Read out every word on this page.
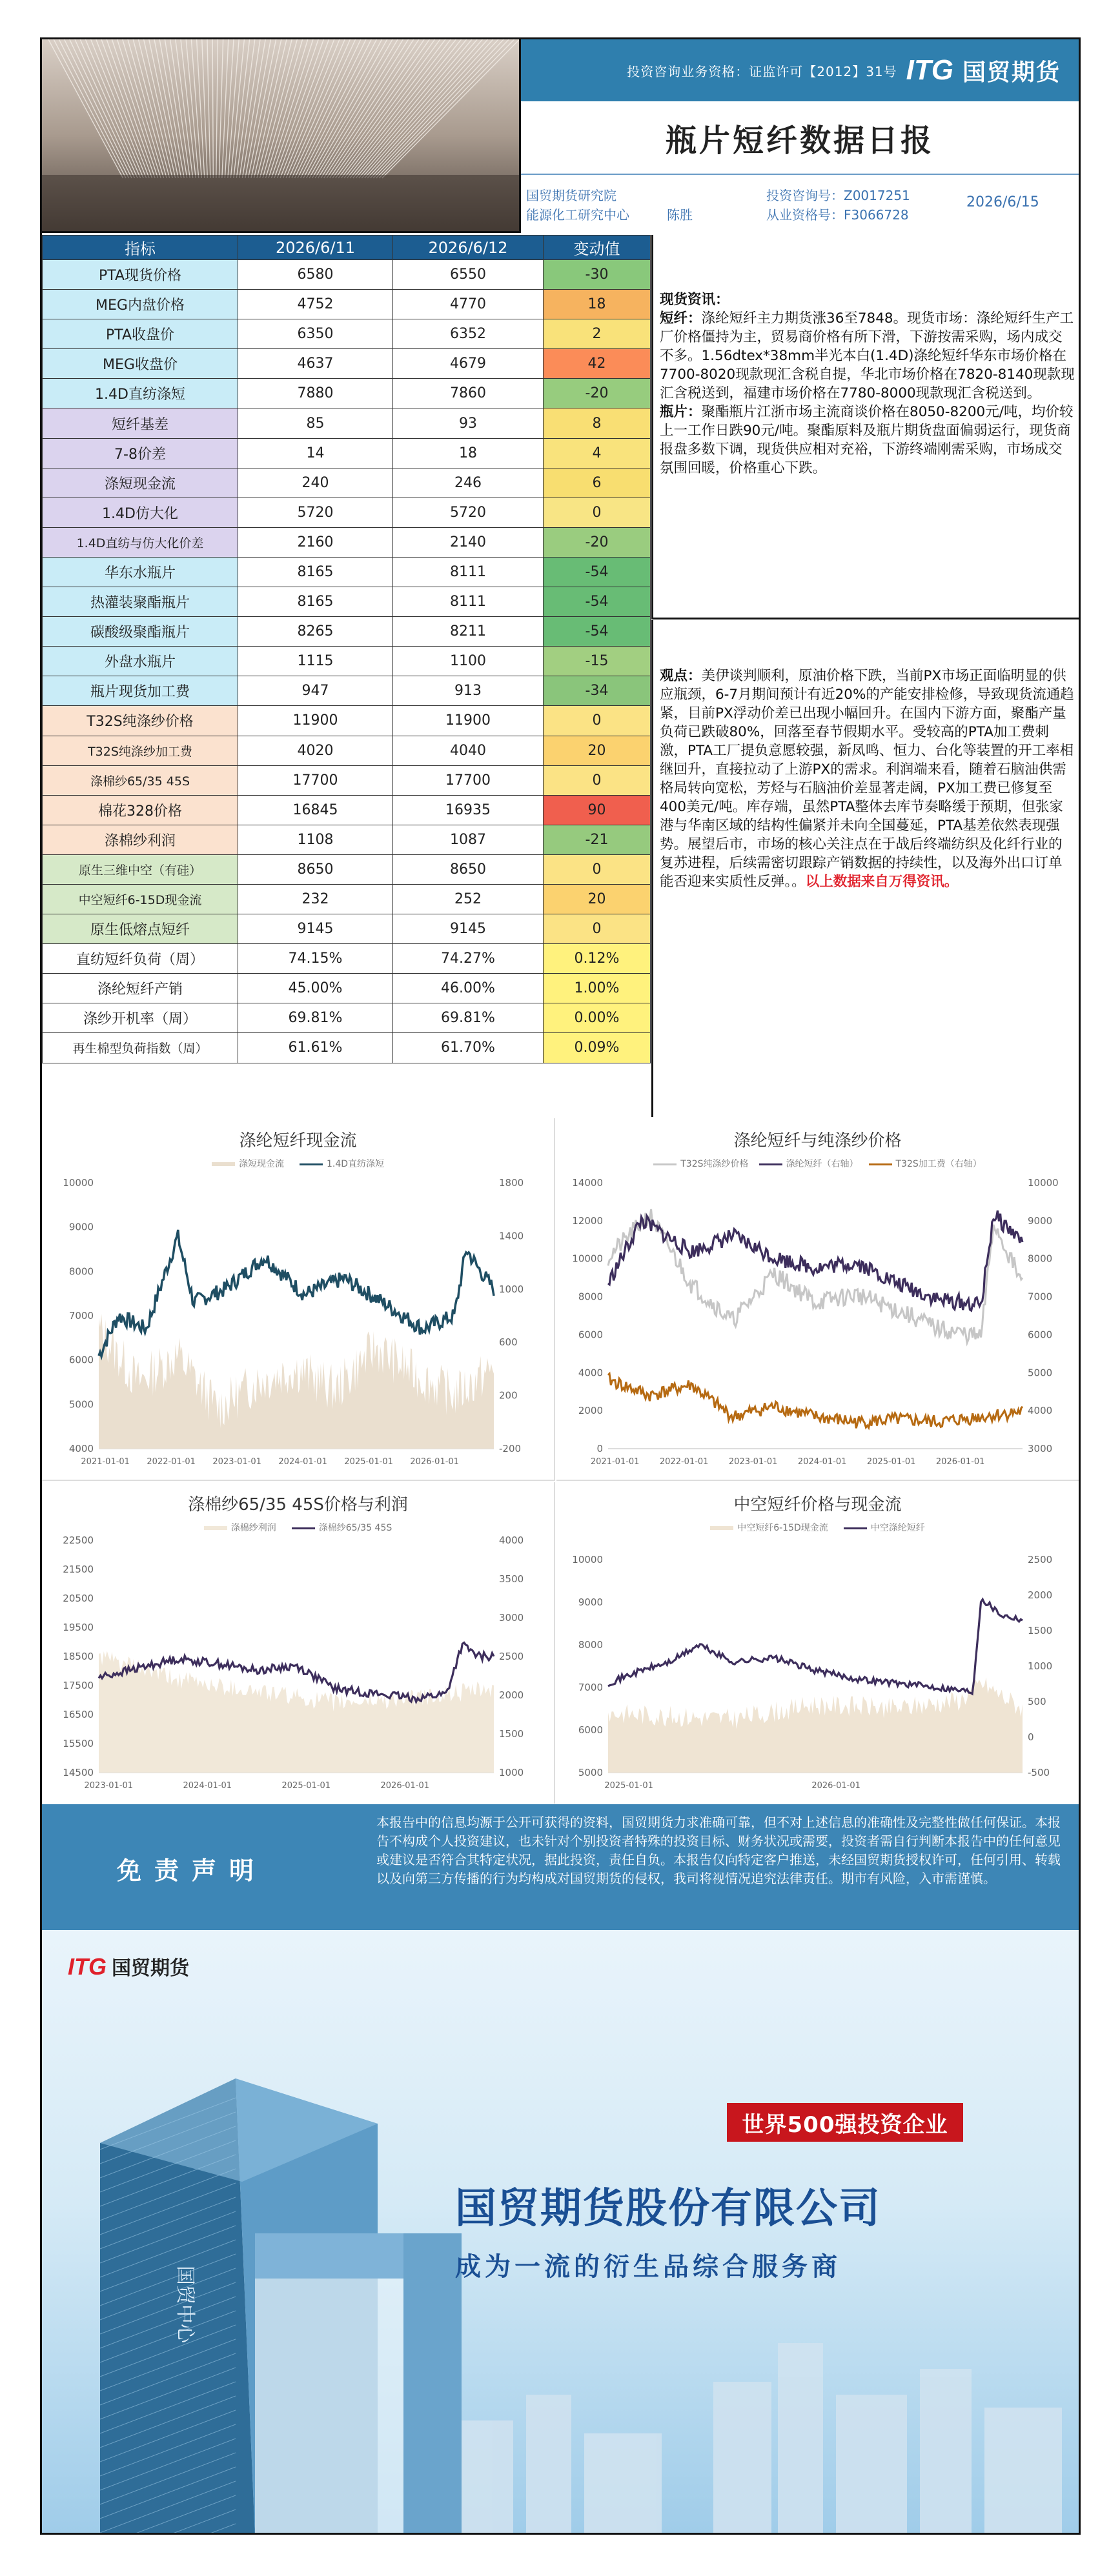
投资咨询业务资格：证监许可【2012】31号 ITG 国贸期货
瓶片短纤数据日报
国贸期货研究院
能源化工研究中心	陈胜
投资咨询号：Z0017251
从业资格号：F3066728
2026/6/15
指标	2026/6/11	2026/6/12	变动值
PTA现货价格	6580	6550	-30
MEG内盘价格	4752	4770	18
PTA收盘价	6350	6352	2
MEG收盘价	4637	4679	42
1.4D直纺涤短	7880	7860	-20
短纤基差	85	93	8
7-8价差	14	18	4
涤短现金流	240	246	6
1.4D仿大化	5720	5720	0
1.4D直纺与仿大化价差	2160	2140	-20
华东水瓶片	8165	8111	-54
热灌装聚酯瓶片	8165	8111	-54
碳酸级聚酯瓶片	8265	8211	-54
外盘水瓶片	1115	1100	-15
瓶片现货加工费	947	913	-34
T32S纯涤纱价格	11900	11900	0
T32S纯涤纱加工费	4020	4040	20
涤棉纱65/35 45S	17700	17700	0
棉花328价格	16845	16935	90
涤棉纱利润	1108	1087	-21
原生三维中空（有硅）	8650	8650	0
中空短纤6-15D现金流	232	252	20
原生低熔点短纤	9145	9145	0
直纺短纤负荷（周）	74.15%	74.27%	0.12%
涤纶短纤产销	45.00%	46.00%	1.00%
涤纱开机率（周）	69.81%	69.81%	0.00%
再生棉型负荷指数（周）	61.61%	61.70%	0.09%
现货资讯：
短纤：涤纶短纤主力期货涨36至7848。现货市场：涤纶短纤生产工厂价格僵持为主，贸易商价格有所下滑，下游按需采购，场内成交不多。1.56dtex*38mm半光本白(1.4D)涤纶短纤华东市场价格在7700-8020现款现汇含税自提，华北市场价格在7820-8140现款现汇含税送到，福建市场价格在7780-8000现款现汇含税送到。
瓶片：聚酯瓶片江浙市场主流商谈价格在8050-8200元/吨，均价较上一工作日跌90元/吨。聚酯原料及瓶片期货盘面偏弱运行，现货商报盘多数下调，现货供应相对充裕，下游终端刚需采购，市场成交氛围回暖，价格重心下跌。
观点：美伊谈判顺利，原油价格下跌，当前PX市场正面临明显的供应瓶颈，6-7月期间预计有近20%的产能安排检修，导致现货流通趋紧，目前PX浮动价差已出现小幅回升。在国内下游方面，聚酯产量负荷已跌破80%，回落至春节假期水平。受较高的PTA加工费刺激，PTA工厂提负意愿较强，新凤鸣、恒力、台化等装置的开工率相继回升，直接拉动了上游PX的需求。利润端来看，随着石脑油供需格局转向宽松，芳烃与石脑油价差显著走阔，PX加工费已修复至400美元/吨。库存端，虽然PTA整体去库节奏略缓于预期，但张家港与华南区域的结构性偏紧并未向全国蔓延，PTA基差依然表现强势。展望后市，市场的核心关注点在于战后终端纺织及化纤行业的复苏进程，后续需密切跟踪产销数据的持续性，以及海外出口订单能否迎来实质性反弹。。以上数据来自万得资讯。
涤纶短纤现金流
涤短现金流	1.4D直纺涤短
10000
9000
8000
7000
6000
5000
4000
1800
1400
1000
600
200
-200
2021-01-01 2022-01-01 2023-01-01 2024-01-01 2025-01-01 2026-01-01
涤纶短纤与纯涤纱价格
T32S纯涤纱价格	涤纶短纤（右轴）	T32S加工费（右轴）
14000
12000
10000
8000
6000
4000
2000
0
10000
9000
8000
7000
6000
5000
4000
3000
2021-01-01 2022-01-01 2023-01-01 2024-01-01 2025-01-01 2026-01-01
涤棉纱65/35 45S价格与利润
涤棉纱利润	涤棉纱65/35 45S
22500
21500
20500
19500
18500
17500
16500
15500
14500
4000
3500
3000
2500
2000
1500
1000
2023-01-01	2024-01-01	2025-01-01	2026-01-01
中空短纤价格与现金流
中空短纤6-15D现金流	中空涤纶短纤
10000
9000
8000
7000
6000
5000
2500
2000
1500
1000
500
0
-500
2025-01-01	2026-01-01
免责声明
本报告中的信息均源于公开可获得的资料，国贸期货力求准确可靠，但不对上述信息的准确性及完整性做任何保证。本报告不构成个人投资建议，也未针对个别投资者特殊的投资目标、财务状况或需要，投资者需自行判断本报告中的任何意见或建议是否符合其特定状况，据此投资，责任自负。本报告仅向特定客户推送，未经国贸期货授权许可，任何引用、转载以及向第三方传播的行为均构成对国贸期货的侵权，我司将视情况追究法律责任。期市有风险，入市需谨慎。
国贸中心
ITG 国贸期货
世界500强投资企业
国贸期货股份有限公司
成为一流的衍生品综合服务商
